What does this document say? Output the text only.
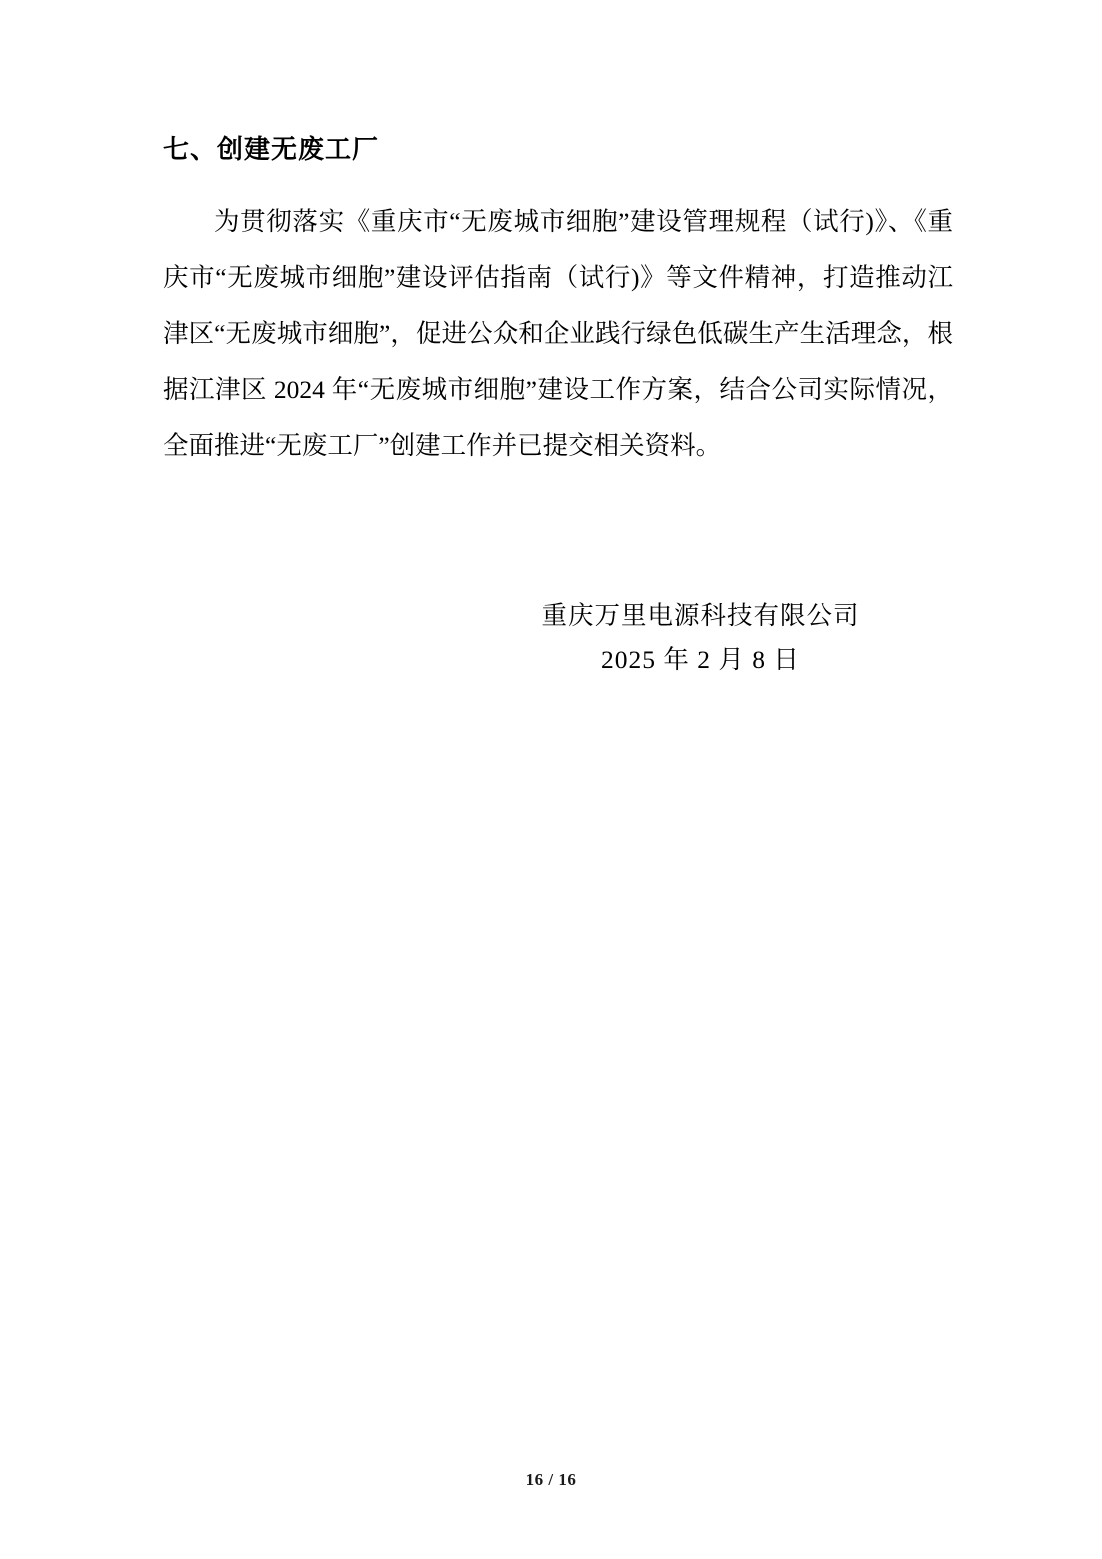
七、创建无废工厂

为贯彻落实《重庆市“无废城市细胞”建设管理规程（试行)》、《重庆市“无废城市细胞”建设评估指南（试行)》等文件精神，打造推动江津区“无废城市细胞”，促进公众和企业践行绿色低碳生产生活理念，根据江津区 2024 年“无废城市细胞”建设工作方案，结合公司实际情况，全面推进“无废工厂”创建工作并已提交相关资料。

重庆万里电源科技有限公司
2025 年 2 月 8 日
16 / 16
